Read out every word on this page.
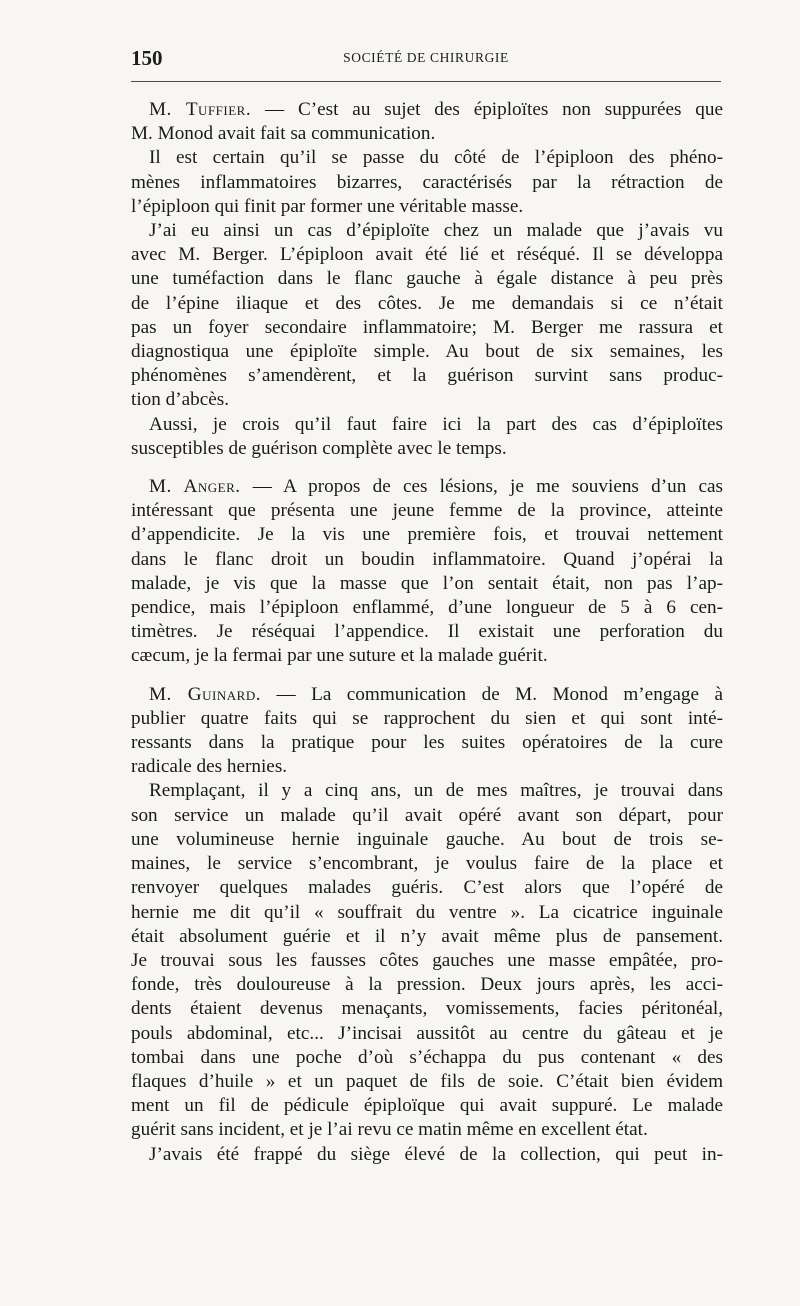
150	SOCIÉTÉ DE CHIRURGIE
M. Tuffier. — C’est au sujet des épiploïtes non suppurées que
M. Monod avait fait sa communication.
Il est certain qu’il se passe du côté de l’épiploon des phéno-
mènes inflammatoires bizarres, caractérisés par la rétraction de
l’épiploon qui finit par former une véritable masse.
J’ai eu ainsi un cas d’épiploïte chez un malade que j’avais vu
avec M. Berger. L’épiploon avait été lié et réséqué. Il se développa
une tuméfaction dans le flanc gauche à égale distance à peu près
de l’épine iliaque et des côtes. Je me demandais si ce n’était
pas un foyer secondaire inflammatoire; M. Berger me rassura et
diagnostiqua une épiploïte simple. Au bout de six semaines, les
phénomènes s’amendèrent, et la guérison survint sans produc-
tion d’abcès.
Aussi, je crois qu’il faut faire ici la part des cas d’épiploïtes
susceptibles de guérison complète avec le temps.
M. Anger. — A propos de ces lésions, je me souviens d’un cas
intéressant que présenta une jeune femme de la province, atteinte
d’appendicite. Je la vis une première fois, et trouvai nettement
dans le flanc droit un boudin inflammatoire. Quand j’opérai la
malade, je vis que la masse que l’on sentait était, non pas l’ap-
pendice, mais l’épiploon enflammé, d’une longueur de 5 à 6 cen-
timètres. Je réséquai l’appendice. Il existait une perforation du
cæcum, je la fermai par une suture et la malade guérit.
M. Guinard. — La communication de M. Monod m’engage à
publier quatre faits qui se rapprochent du sien et qui sont inté-
ressants dans la pratique pour les suites opératoires de la cure
radicale des hernies.
Remplaçant, il y a cinq ans, un de mes maîtres, je trouvai dans
son service un malade qu’il avait opéré avant son départ, pour
une volumineuse hernie inguinale gauche. Au bout de trois se-
maines, le service s’encombrant, je voulus faire de la place et
renvoyer quelques malades guéris. C’est alors que l’opéré de
hernie me dit qu’il « souffrait du ventre ». La cicatrice inguinale
était absolument guérie et il n’y avait même plus de pansement.
Je trouvai sous les fausses côtes gauches une masse empâtée, pro-
fonde, très douloureuse à la pression. Deux jours après, les acci-
dents étaient devenus menaçants, vomissements, facies péritonéal,
pouls abdominal, etc... J’incisai aussitôt au centre du gâteau et je
tombai dans une poche d’où s’échappa du pus contenant « des
flaques d’huile » et un paquet de fils de soie. C’était bien évidem
ment un fil de pédicule épiploïque qui avait suppuré. Le malade
guérit sans incident, et je l’ai revu ce matin même en excellent état.
J’avais été frappé du siège élevé de la collection, qui peut in-
